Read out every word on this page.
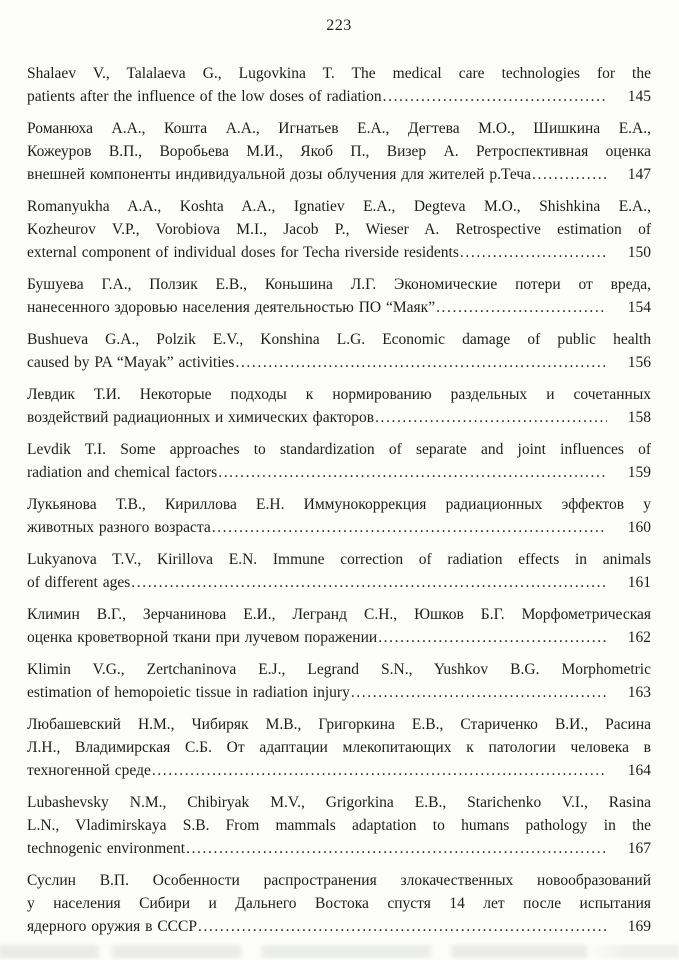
223
Shalaev V., Talalaeva G., Lugovkina T. The medical care technologies for the
patients after the influence of the low doses of radiation .....	145
Романюха А.А., Кошта А.А., Игнатьев Е.А., Дегтева М.О., Шишкина Е.А.,
Кожеуров В.П., Воробьева М.И., Якоб П., Визер А. Ретроспективная оценка
внешней компоненты индивидуальной дозы облучения для жителей р.Теча .....	147
Romanyukha A.A., Koshta A.A., Ignatiev E.A., Degteva M.O., Shishkina E.A.,
Kozheurov V.P., Vorobiova M.I., Jacob P., Wieser A. Retrospective estimation of
external component of individual doses for Techa riverside residents .....	150
Бушуева Г.А., Ползик Е.В., Коньшина Л.Г. Экономические потери от вреда,
нанесенного здоровью населения деятельностью ПО “Маяк” .....	154
Bushueva G.A., Polzik E.V., Konshina L.G. Economic damage of public health
caused by PA “Mayak” activities .....	156
Левдик Т.И. Некоторые подходы к нормированию раздельных и сочетанных
воздействий радиационных и химических факторов .....	158
Levdik T.I. Some approaches to standardization of separate and joint influences of
radiation and chemical factors .....	159
Лукьянова Т.В., Кириллова Е.Н. Иммунокоррекция радиационных эффектов у
животных разного возраста .....	160
Lukyanova T.V., Kirillova E.N. Immune correction of radiation effects in animals
of different ages .....	161
Климин В.Г., Зерчанинова Е.И., Легранд С.Н., Юшков Б.Г. Морфометрическая
оценка кроветворной ткани при лучевом поражении .....	162
Klimin V.G., Zertchaninova E.J., Legrand S.N., Yushkov B.G. Morphometric
estimation of hemopoietic tissue in radiation injury .....	163
Любашевский Н.М., Чибиряк М.В., Григоркина Е.В., Стариченко В.И., Расина
Л.Н., Владимирская С.Б. От адаптации млекопитающих к патологии человека в
техногенной среде .....	164
Lubashevsky N.M., Chibiryak M.V., Grigorkina E.B., Starichenko V.I., Rasina
L.N., Vladimirskaya S.B. From mammals adaptation to humans pathology in the
technogenic environment .....	167
Суслин В.П. Особенности распространения злокачественных новообразований
у населения Сибири и Дальнего Востока спустя 14 лет после испытания
ядерного оружия в СССР .....	169
